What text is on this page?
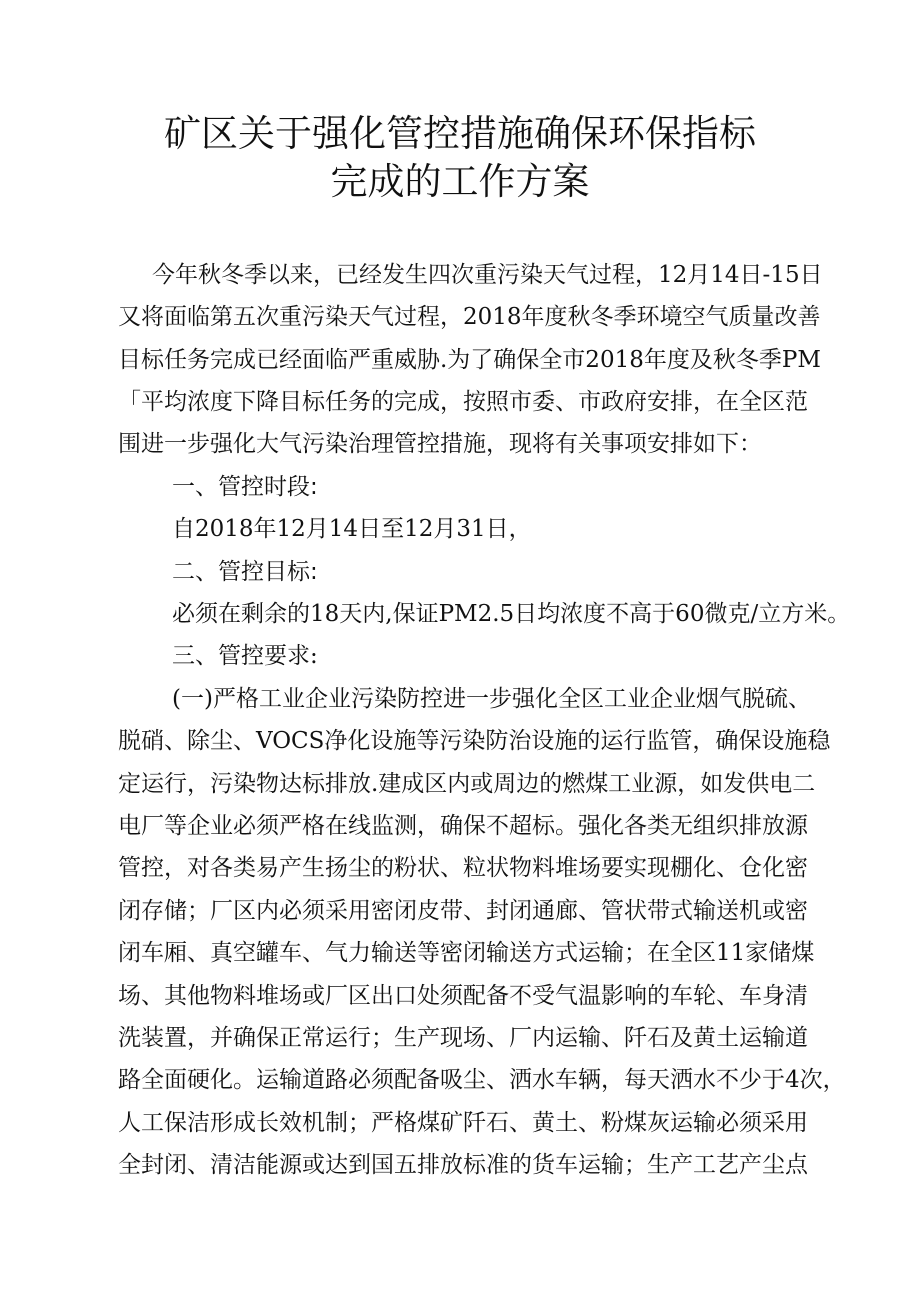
矿区关于强化管控措施确保环保指标
完成的工作方案

今年秋冬季以来，已经发生四次重污染天气过程，12月14日-15日

又将面临第五次重污染天气过程，2018年度秋冬季环境空气质量改善

目标任务完成已经面临严重威胁.为了确保全市2018年度及秋冬季PM

「平均浓度下降目标任务的完成，按照市委、市政府安排，在全区范

围进一步强化大气污染治理管控措施，现将有关事项安排如下：

一、管控时段:

自2018年12月14日至12月31日，

二、管控目标:

必须在剩余的18天内,保证PM2.5日均浓度不高于60微克/立方米。

三、管控要求:

(一)严格工业企业污染防控进一步强化全区工业企业烟气脱硫、

脱硝、除尘、VOCS净化设施等污染防治设施的运行监管，确保设施稳

定运行，污染物达标排放.建成区内或周边的燃煤工业源，如发供电二

电厂等企业必须严格在线监测，确保不超标。强化各类无组织排放源

管控，对各类易产生扬尘的粉状、粒状物料堆场要实现棚化、仓化密

闭存储；厂区内必须采用密闭皮带、封闭通廊、管状带式输送机或密

闭车厢、真空罐车、气力输送等密闭输送方式运输；在全区11家储煤

场、其他物料堆场或厂区出口处须配备不受气温影响的车轮、车身清

洗装置，并确保正常运行；生产现场、厂内运输、阡石及黄土运输道

路全面硬化。运输道路必须配备吸尘、洒水车辆，每天洒水不少于4次，

人工保洁形成长效机制；严格煤矿阡石、黄土、粉煤灰运输必须采用

全封闭、清洁能源或达到国五排放标准的货车运输；生产工艺产尘点
